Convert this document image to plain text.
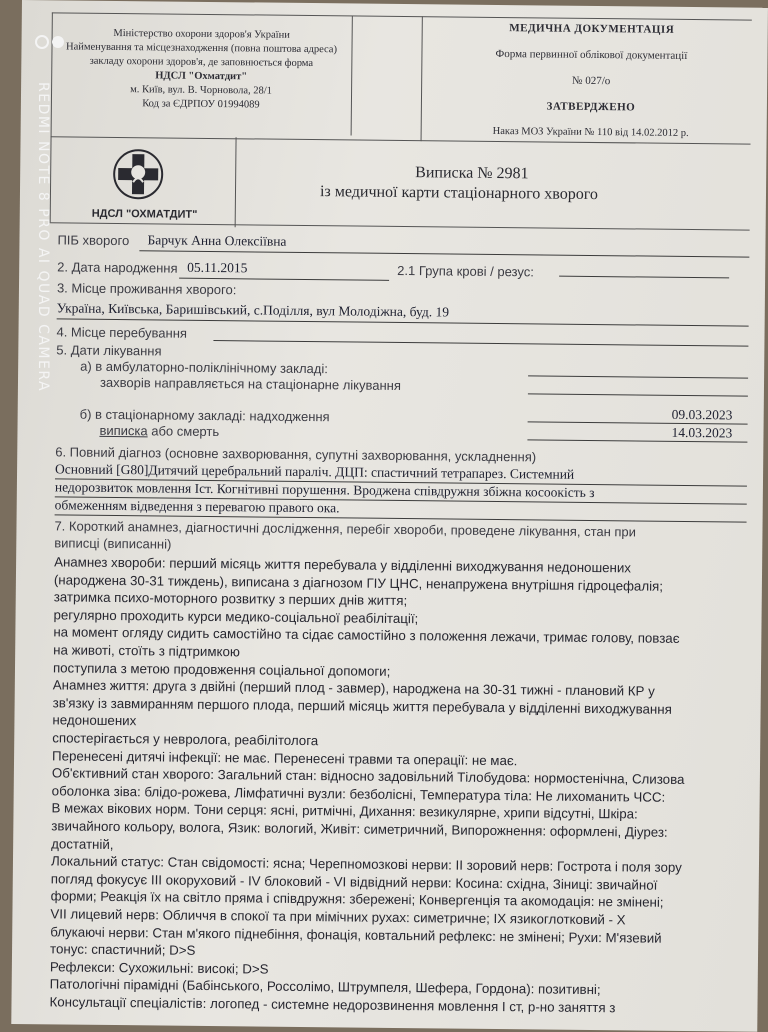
Міністерство охорони здоров'я України
Найменування та місцезнаходження (повна поштова адреса)
закладу охорони здоров'я, де заповнюється форма
НДСЛ "Охматдит"
м. Київ, вул. В. Чорновола, 28/1
Код за ЄДРПОУ 01994089
МЕДИЧНА ДОКУМЕНТАЦІЯ
Форма первинної облікової документації
№ 027/о
ЗАТВЕРДЖЕНО
Наказ МОЗ України № 110 від 14.02.2012 р.
НДСЛ "ОХМАТДИТ"
Виписка № 2981
із медичної карти стаціонарного хворого
ПІБ хворого Барчук Анна Олексіївна
2. Дата народження 05.11.2015	2.1 Група крові / резус:
3. Місце проживання хворого:
Україна, Київська, Баришівський, с.Поділля, вул Молодіжна, буд. 19
4. Місце перебування
5. Дати лікування
а) в амбулаторно-поліклінічному закладі:
захворів направляється на стаціонарне лікування
б) в стаціонарному закладі: надходження	09.03.2023
виписка або смерть	14.03.2023
6. Повний діагноз (основне захворювання, супутні захворювання, ускладнення)
Основний [G80]Дитячий церебральний параліч. ДЦП: спастичний тетрапарез. Системний
недорозвиток мовлення Іст. Когнітивні порушення. Вроджена співдружня збіжна косоокість з
обмеженням відведення з перевагою правого ока.
7. Короткий анамнез, діагностичні дослідження, перебіг хвороби, проведене лікування, стан при
виписці (виписанні)
Анамнез хвороби: перший місяць життя перебувала у відділенні виходжування недоношених
(народжена 30-31 тиждень), виписана з діагнозом ГІУ ЦНС, ненапружена внутрішня гідроцефалія;
затримка психо-моторного розвитку з перших днів життя;
регулярно проходить курси медико-соціальної реабілітації;
на момент огляду сидить самостійно та сідає самостійно з положення лежачи, тримає голову, повзає
на животі, стоїть з підтримкою
поступила з метою продовження соціальної допомоги;
Анамнез життя: друга з двійні (перший плод - завмер), народжена на 30-31 тижні - плановий КР у
зв'язку із завмиранням першого плода, перший місяць життя перебувала у відділенні виходжування
недоношених
спостерігається у невролога, реабілітолога
Перенесені дитячі інфекції: не має. Перенесені травми та операції: не має.
Об'єктивний стан хворого: Загальний стан: відносно задовільний Тілобудова: нормостенічна, Слизова
оболонка зіва: блідо-рожева, Лімфатичні вузли: безболісні, Температура тіла: Не лихоманить ЧСС:
В межах вікових норм. Тони серця: ясні, ритмічні, Дихання: везикулярне, хрипи відсутні, Шкіра:
звичайного кольору, волога, Язик: вологий, Живіт: симетричний, Випорожнення: оформлені, Діурез:
достатній,
Локальний статус: Стан свідомості: ясна; Черепномозкові нерви: II зоровий нерв: Гострота і поля зору
погляд фокусує III окоруховий - IV блоковий - VI відвідний нерви: Косина: східна, Зіниці: звичайної
форми; Реакція їх на світло пряма і співдружня: збережені; Конвергенція та акомодація: не змінені;
VII лицевий нерв: Обличчя в спокої та при мімічних рухах: симетричне; IX язикоглотковий - X
блукаючі нерви: Стан м'якого піднебіння, фонація, ковтальний рефлекс: не змінені; Рухи: М'язевий
тонус: спастичний; D>S
Рефлекси: Сухожильні: високі; D>S
Патологічні пірамідні (Бабінського, Россолімо, Штрумпеля, Шефера, Гордона): позитивні;
Консультації спеціалістів: логопед - системне недорозвинення мовлення І ст, р-но заняття з
REDMI NOTE 8 PRO AI QUAD CAMERA
